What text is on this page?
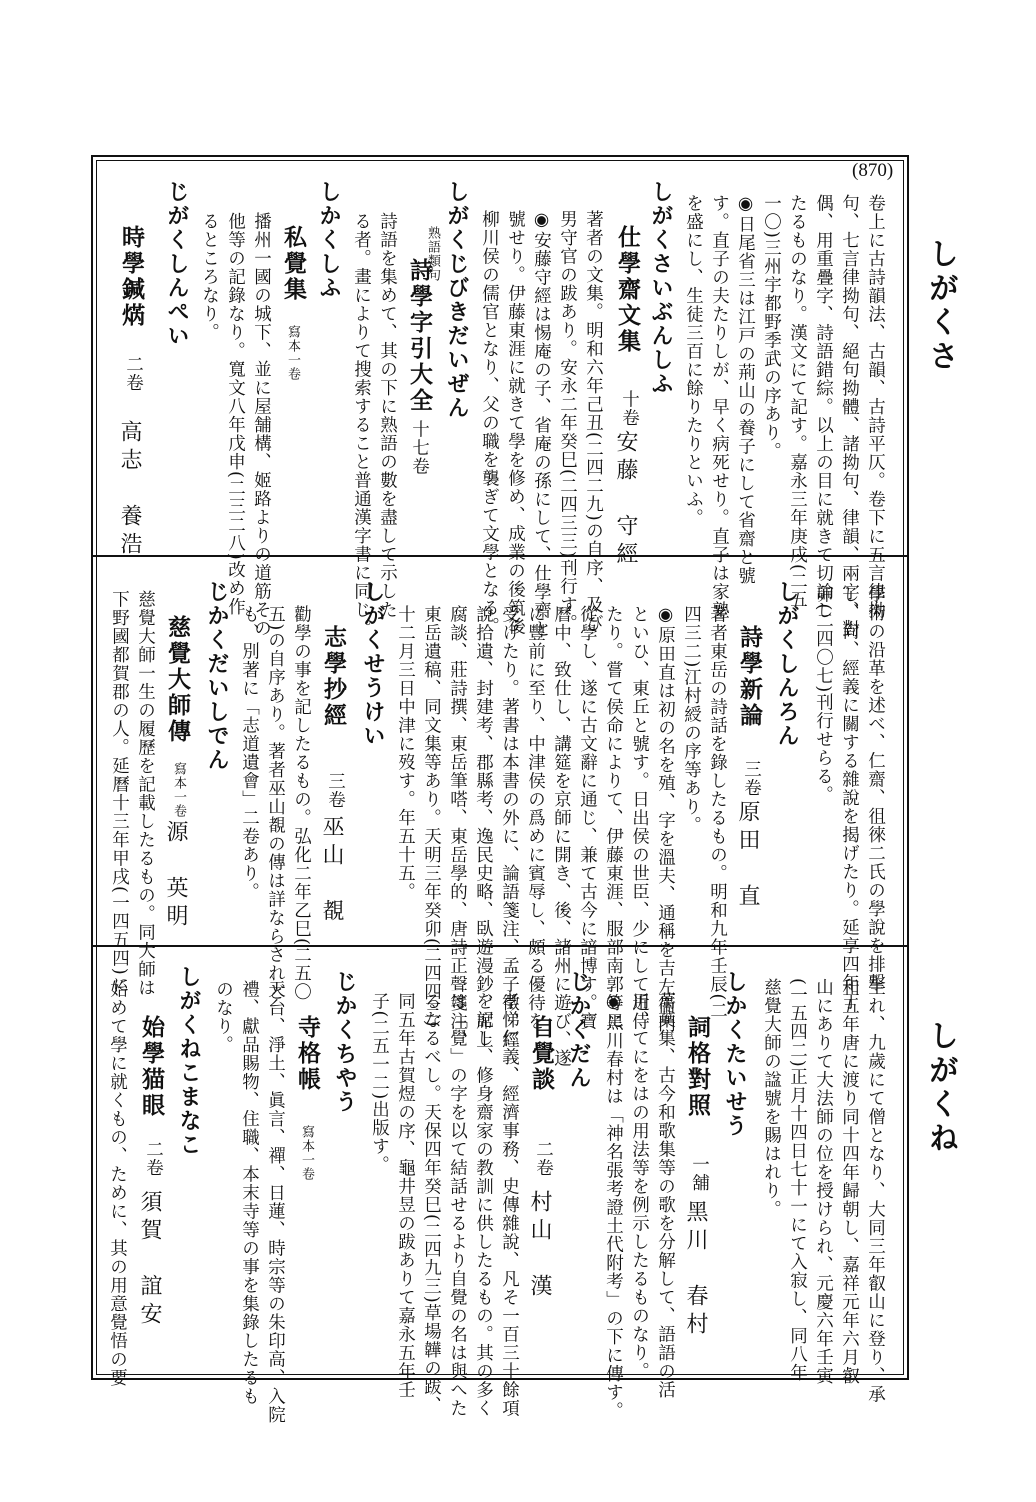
(870)
しがくさ
しがくね
卷上に古詩韻法、古韻、古詩平仄。卷下に五言律拗
句、七言律拗句、絕句拗體、諸拗句、律韻、兩字、對
偶、用重疊字、詩語錯綜。以上の目に就きて切論し
たるものなり。漢文にて記す。嘉永三年庚戌(二五
一〇)三州宇都野季武の序あり。
◉日尾省三は江戸の荊山の養子にして省齋と號
す。直子の夫たりしが、早く病死せり。直子は家塾
を盛にし、生徒三百に餘りたりといふ。
しがくさいぶんしふ
仕學齋文集
十卷
安藤　守經
著者の文集。明和六年己丑(二四二九)の自序、及び
男守官の跋あり。安永二年癸巳(二四三三)刊行す。
◉安藤守經は惕庵の子、省庵の孫にして、仕學齋と
號せり。伊藤東涯に就きて學を修め、成業の後筑後
柳川侯の儒官となり、父の職を襲ぎて文學となる。
しがくじびきだいぜん
熟語類句
詩學字引大全
十七卷
詩語を集めて、其の下に熟語の數を盡して示した
る者。畫によりて搜索すること普通漢字書に同じ。
しかくしふ
私覺集
寫本一卷
播州一國の城下、並に屋舗構、姬路よりの道筋その
他等の記錄なり。寬文八年戊申(二三二八)改め作
るところなり。
じがくしんぺい
時學鍼焫
二卷
高志　養浩
學術の沿革を述べ、仁齋、徂徠二氏の學說を排擊
し、尙、經義に關する雜說を揭げたり。延享四年丁
卯(二四〇七)刊行せらる。
しがくしんろん
詩學新論
三卷
原田　直
著者東岳の詩話を錄したるもの。明和九年壬辰(二
四三二)江村綬の序等あり。
◉原田直は初の名を殖、字を溫夫、通稱を吉左衞門
といひ、東丘と號す。日出侯の世臣、少にして近侍
たり。嘗て侯命によりて、伊藤東涯、服部南郭等に
從學し、遂に古文辭に通じ、兼て古今に諳博す。寶
曆中、致仕し、講筵を京師に開き、後、諸州に遊び、遂
に豐前に至り、中津侯の爲めに賓辱し、頗る優待を
受けたり。著書は本書の外に、論語箋注、孟子徵、經
說拾遺、封建考、郡縣考、逸民史略、臥遊漫鈔、席上
腐談、莊詩撰、東岳筆嗒、東岳學的、唐詩正聲箋注、
東岳遺稿、同文集等あり。天明三年癸卯(二四四三)
十二月三日中津に歿す。年五十五。
しがくせうけい
志學抄經
三卷
巫山　覩
勸學の事を記したるもの。弘化二年乙巳(二五〇
五)の自序あり。著者巫山覩の傳は詳ならされど
も、別著に「志道遺會」二卷あり。
じかくだいしでん
慈覺大師傳
寫本一卷
源　英明
慈覺大師一生の履歷を記載したるもの。同大師は
下野國都賀郡の人。延曆十三年甲戌(一四五四)に
生れ、九歲にて僧となり、大同三年叡山に登り、承
和五年唐に渡り同十四年歸朝し、嘉祥元年六月叡
山にありて大法師の位を授けられ、元慶六年壬寅
(一五四二)正月十四日七十一にて入寂し、同八年
慈覺大師の諡號を賜はれり。
しかくたいせう
詞格對照
一舖
黑川　春村
萬葉集、古今和歌集等の歌を分解して、語語の活
用、てにをはの用法等を例示したるものなり。
◉黑川春村は「神名張考證土代附考」の下に傳す。
じかくだん
自覺談
二卷
村山　漢
孝悌仁義、經濟事務、史傳雜說、凡そ一百三十餘項
を記し、修身齋家の教訓に供したるもの。其の多く
は「覺」の字を以て結話せるより自覺の名は與へた
るなるべし。天保四年癸巳(二四九三)草場韡の跋、
同五年古賀煜の序、龜井昱の跋ありて嘉永五年壬
子(二五一二)出版す。
じかくちやう
寺格帳
寫本一卷
天台、淨土、眞言、禪、日蓮、時宗等の朱印高、入院
禮、獻品賜物、住職、本末寺等の事を集錄したるも
のなり。
しがくねこまなこ
始學猫眼
二卷
須賀　誼安
始めて學に就くもの、ために、其の用意覺悟の要
